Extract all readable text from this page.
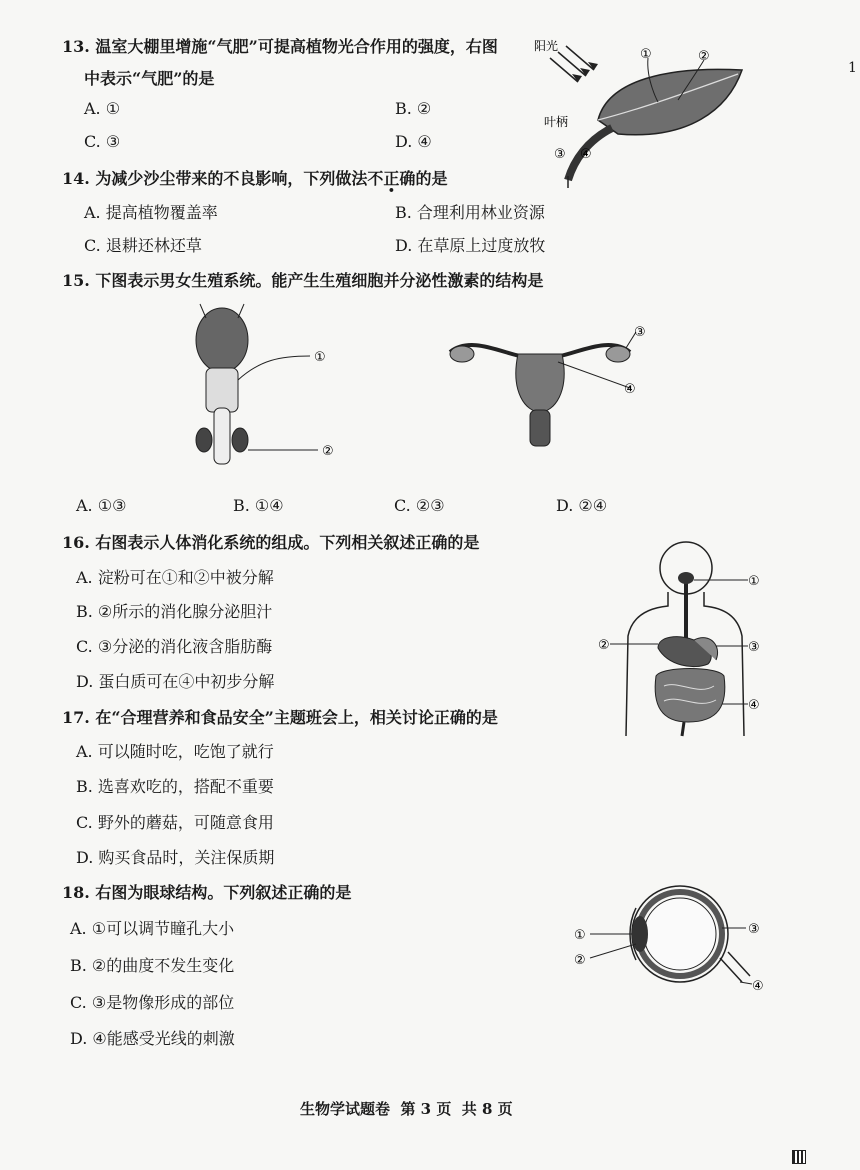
1
13. 温室大棚里增施“气肥”可提高植物光合作用的强度，右图
中表示“气肥”的是
A. ①	B. ②
C. ③	D. ④
阳光
①	②
叶柄
③ ④
14. 为减少沙尘带来的不良影响，下列做法不正确的是
A. 提高植物覆盖率	B. 合理利用林业资源
C. 退耕还林还草	D. 在草原上过度放牧
15. 下图表示男女生殖系统。能产生生殖细胞并分泌性激素的结构是
①
②
③
④
A. ①③	B. ①④	C. ②③	D. ②④
16. 右图表示人体消化系统的组成。下列相关叙述正确的是
A. 淀粉可在①和②中被分解
B. ②所示的消化腺分泌胆汁
C. ③分泌的消化液含脂肪酶
D. 蛋白质可在④中初步分解
①
②	③
④
17. 在“合理营养和食品安全”主题班会上，相关讨论正确的是
A. 可以随时吃，吃饱了就行
B. 选喜欢吃的，搭配不重要
C. 野外的蘑菇，可随意食用
D. 购买食品时，关注保质期
18. 右图为眼球结构。下列叙述正确的是
A. ①可以调节瞳孔大小
B. ②的曲度不发生变化
C. ③是物像形成的部位
D. ④能感受光线的刺激
①
②
③
④
生物学试题卷  第 3 页  共 8 页
